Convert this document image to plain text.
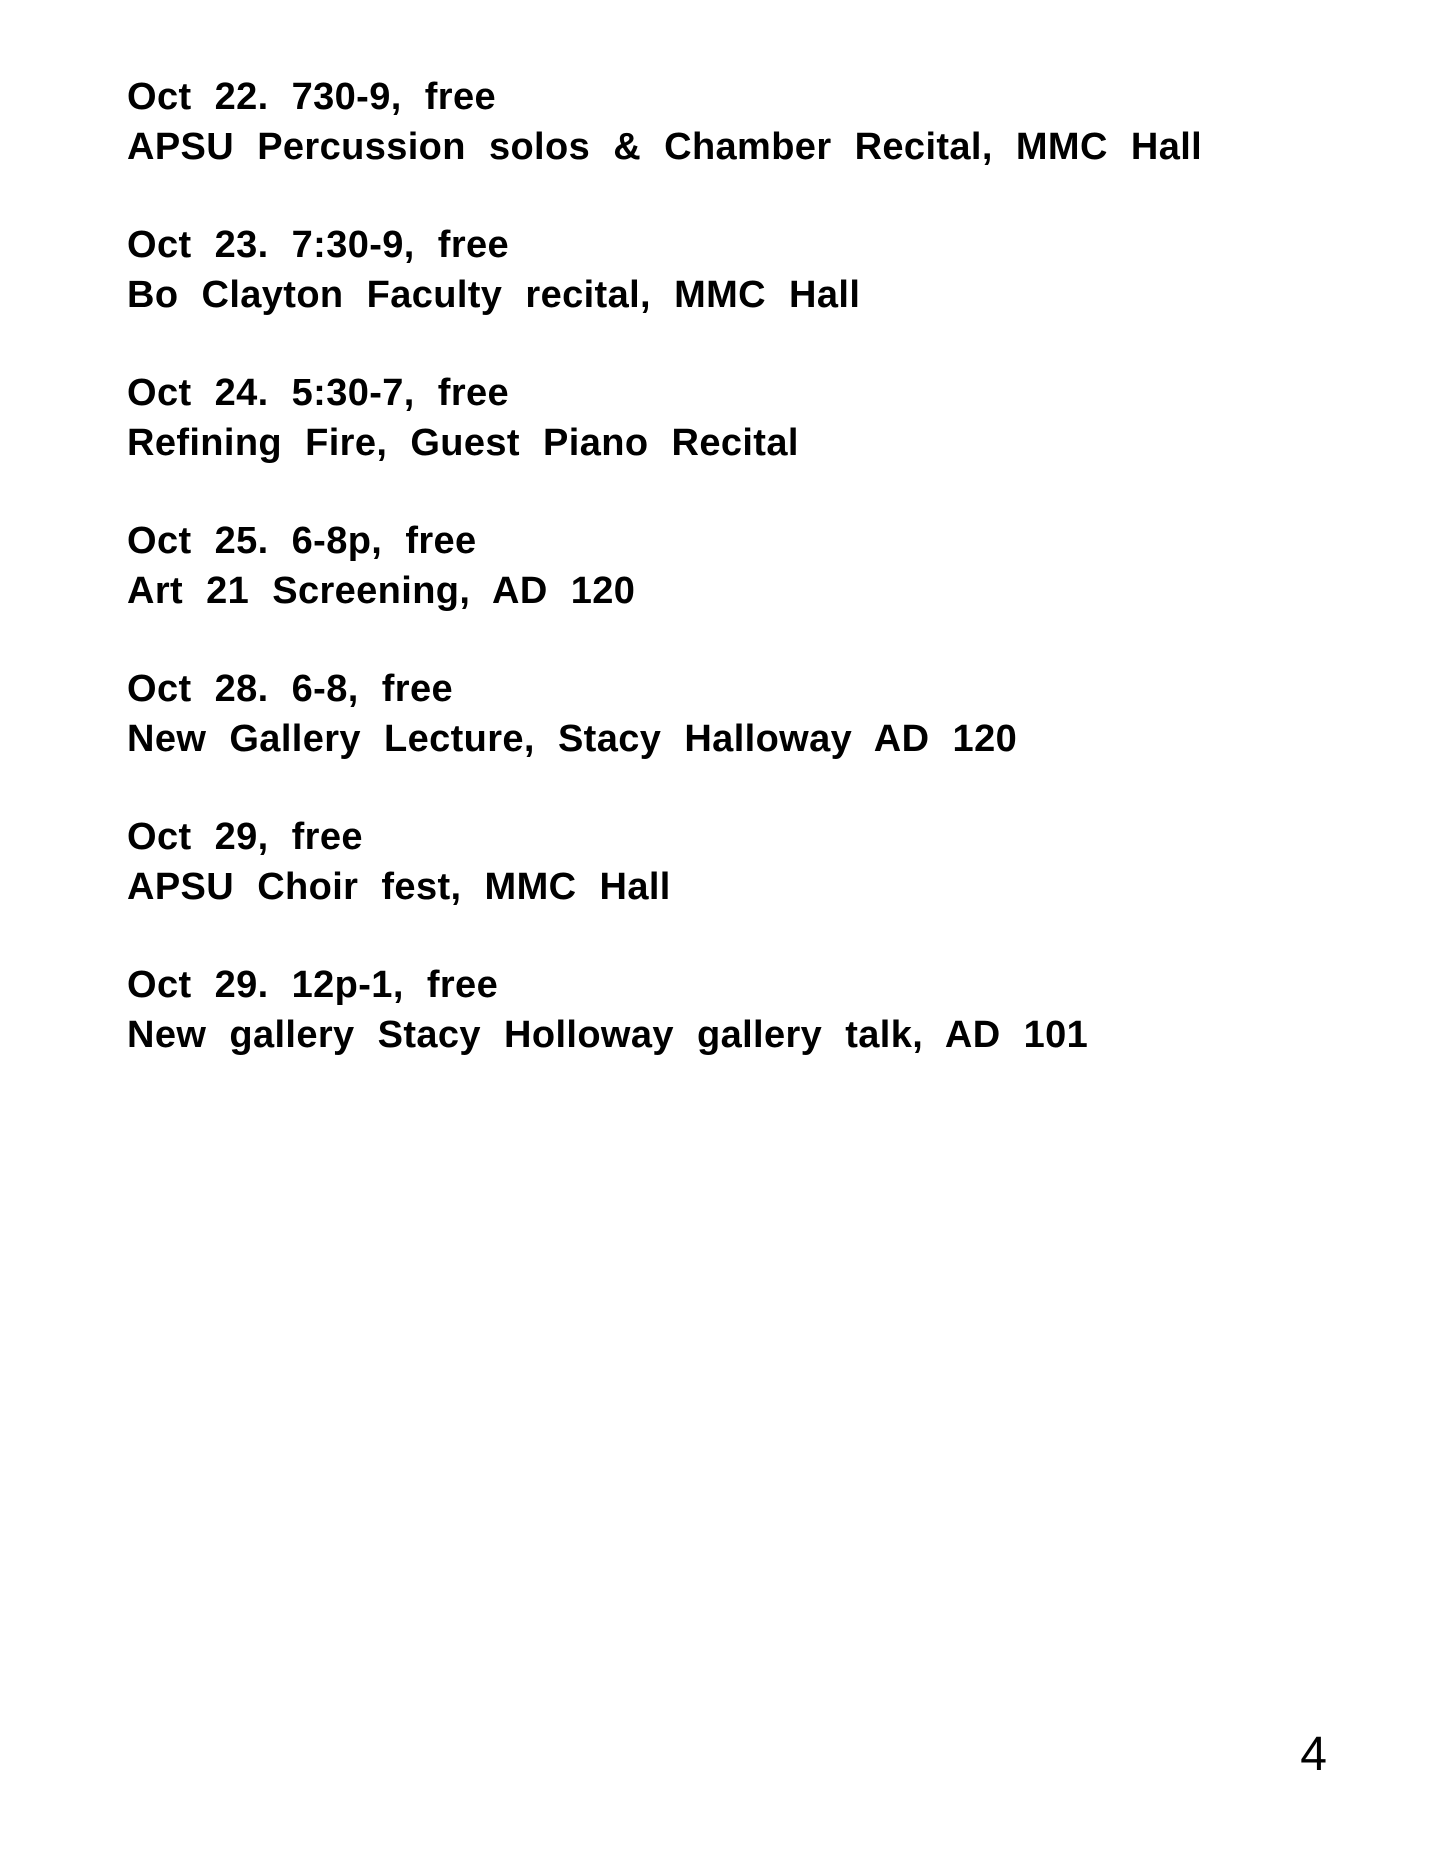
Oct 22. 730-9, free
APSU Percussion solos & Chamber Recital, MMC Hall
Oct 23. 7:30-9, free
Bo Clayton Faculty recital, MMC Hall
Oct 24. 5:30-7, free
Refining Fire, Guest Piano Recital
Oct 25. 6-8p, free
Art 21 Screening, AD 120
Oct 28. 6-8, free
New Gallery Lecture, Stacy Halloway AD 120
Oct 29, free
APSU Choir fest, MMC Hall
Oct 29. 12p-1, free
New gallery Stacy Holloway gallery talk, AD 101
4
